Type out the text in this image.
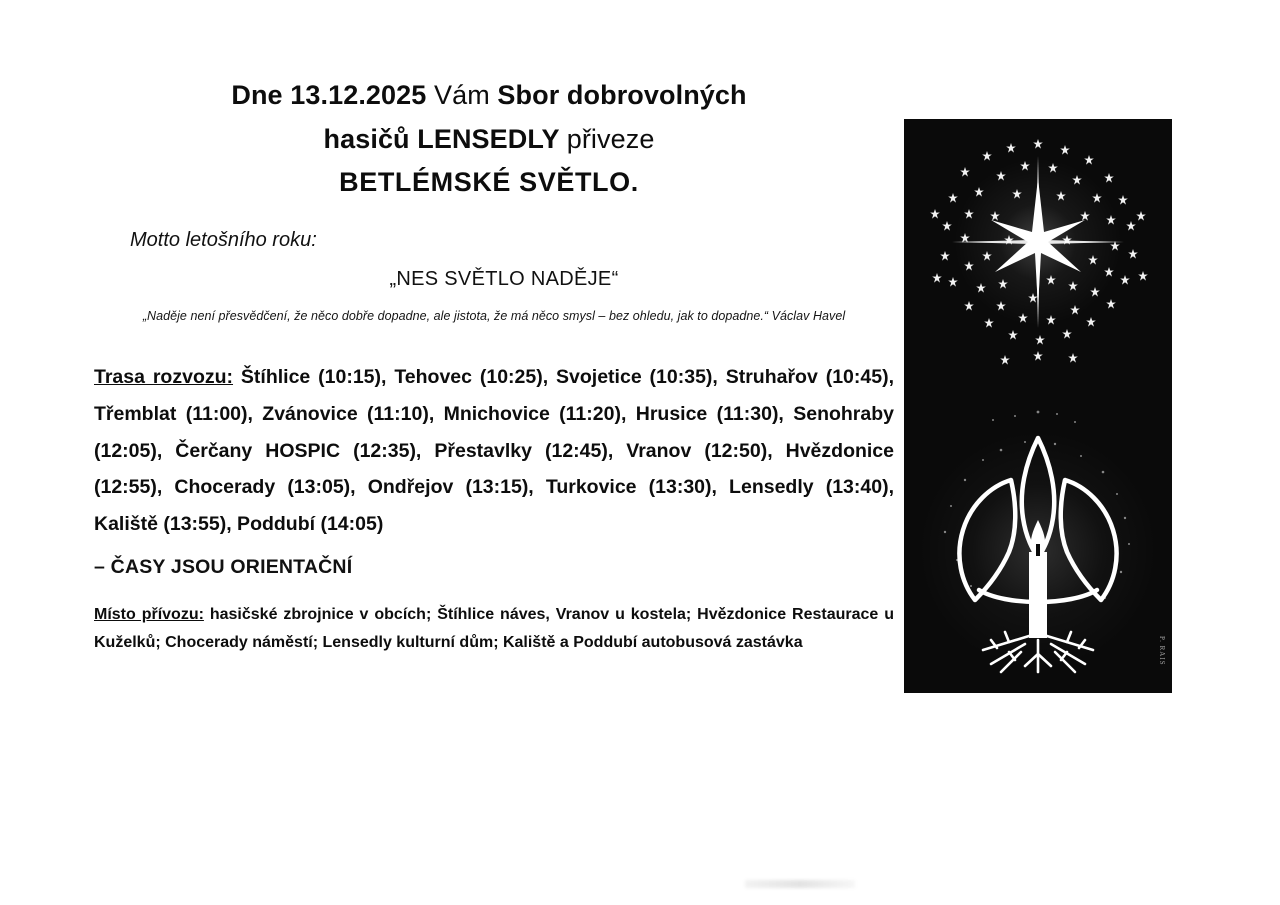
Dne 13.12.2025 Vám Sbor dobrovolných
hasičů LENSEDLY přiveze
BETLÉMSKÉ SVĚTLO.
Motto letošního roku:
„NES SVĚTLO NADĚJE“
„Naděje není přesvědčení, že něco dobře dopadne, ale jistota, že má něco smysl – bez ohledu, jak to dopadne.“ Václav Havel
Trasa rozvozu: Štíhlice (10:15), Tehovec (10:25), Svojetice (10:35), Struhařov (10:45), Třemblat (11:00), Zvánovice (11:10), Mnichovice (11:20), Hrusice (11:30), Senohraby (12:05), Čerčany HOSPIC (12:35), Přestavlky (12:45), Vranov (12:50), Hvězdonice (12:55), Chocerady (13:05), Ondřejov (13:15), Turkovice (13:30), Lensedly (13:40), Kaliště (13:55), Poddubí (14:05)
– ČASY JSOU ORIENTAČNÍ
Místo přívozu: hasičské zbrojnice v obcích; Štíhlice náves, Vranov u kostela; Hvězdonice Restaurace u Kuželků; Chocerady náměstí; Lensedly kulturní dům; Kaliště a Poddubí autobusová zastávka	P. RAIS
